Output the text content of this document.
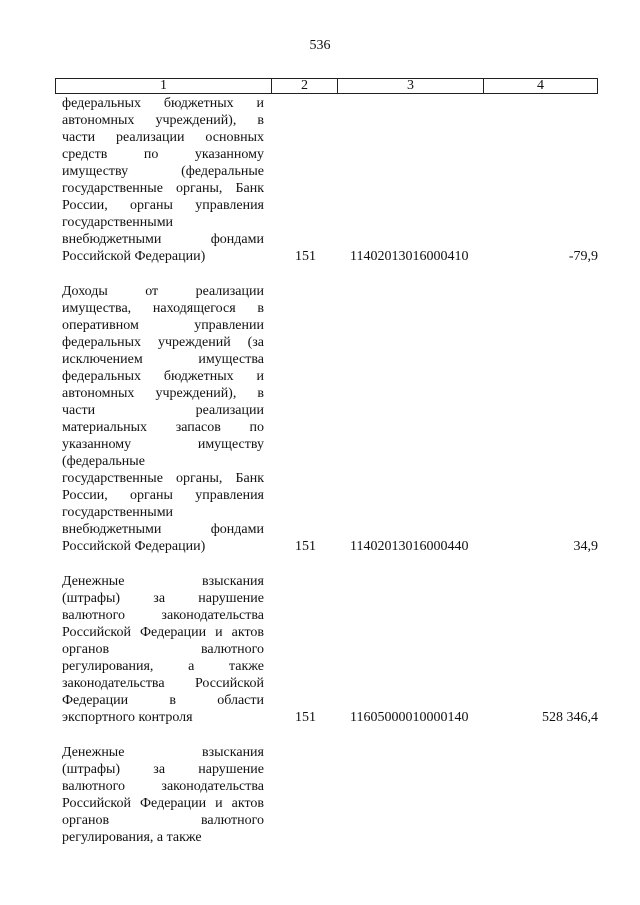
536
1	2	3	4
федеральных бюджетных и
автономных учреждений), в
части реализации основных
средств по указанному
имуществу (федеральные
государственные органы, Банк
России, органы управления
государственными
внебюджетными фондами
Российской Федерации)	151 11402013016000410	-79,9
Доходы от реализации
имущества, находящегося в
оперативном управлении
федеральных учреждений (за
исключением имущества
федеральных бюджетных и
автономных учреждений), в
части реализации
материальных запасов по
указанному имуществу
(федеральные
государственные органы, Банк
России, органы управления
государственными
внебюджетными фондами
Российской Федерации)	151 11402013016000440	34,9
Денежные взыскания
(штрафы) за нарушение
валютного законодательства
Российской Федерации и актов
органов валютного
регулирования, а также
законодательства Российской
Федерации в области
экспортного контроля	151 11605000010000140	528 346,4
Денежные взыскания
(штрафы) за нарушение
валютного законодательства
Российской Федерации и актов
органов валютного
регулирования, а также
